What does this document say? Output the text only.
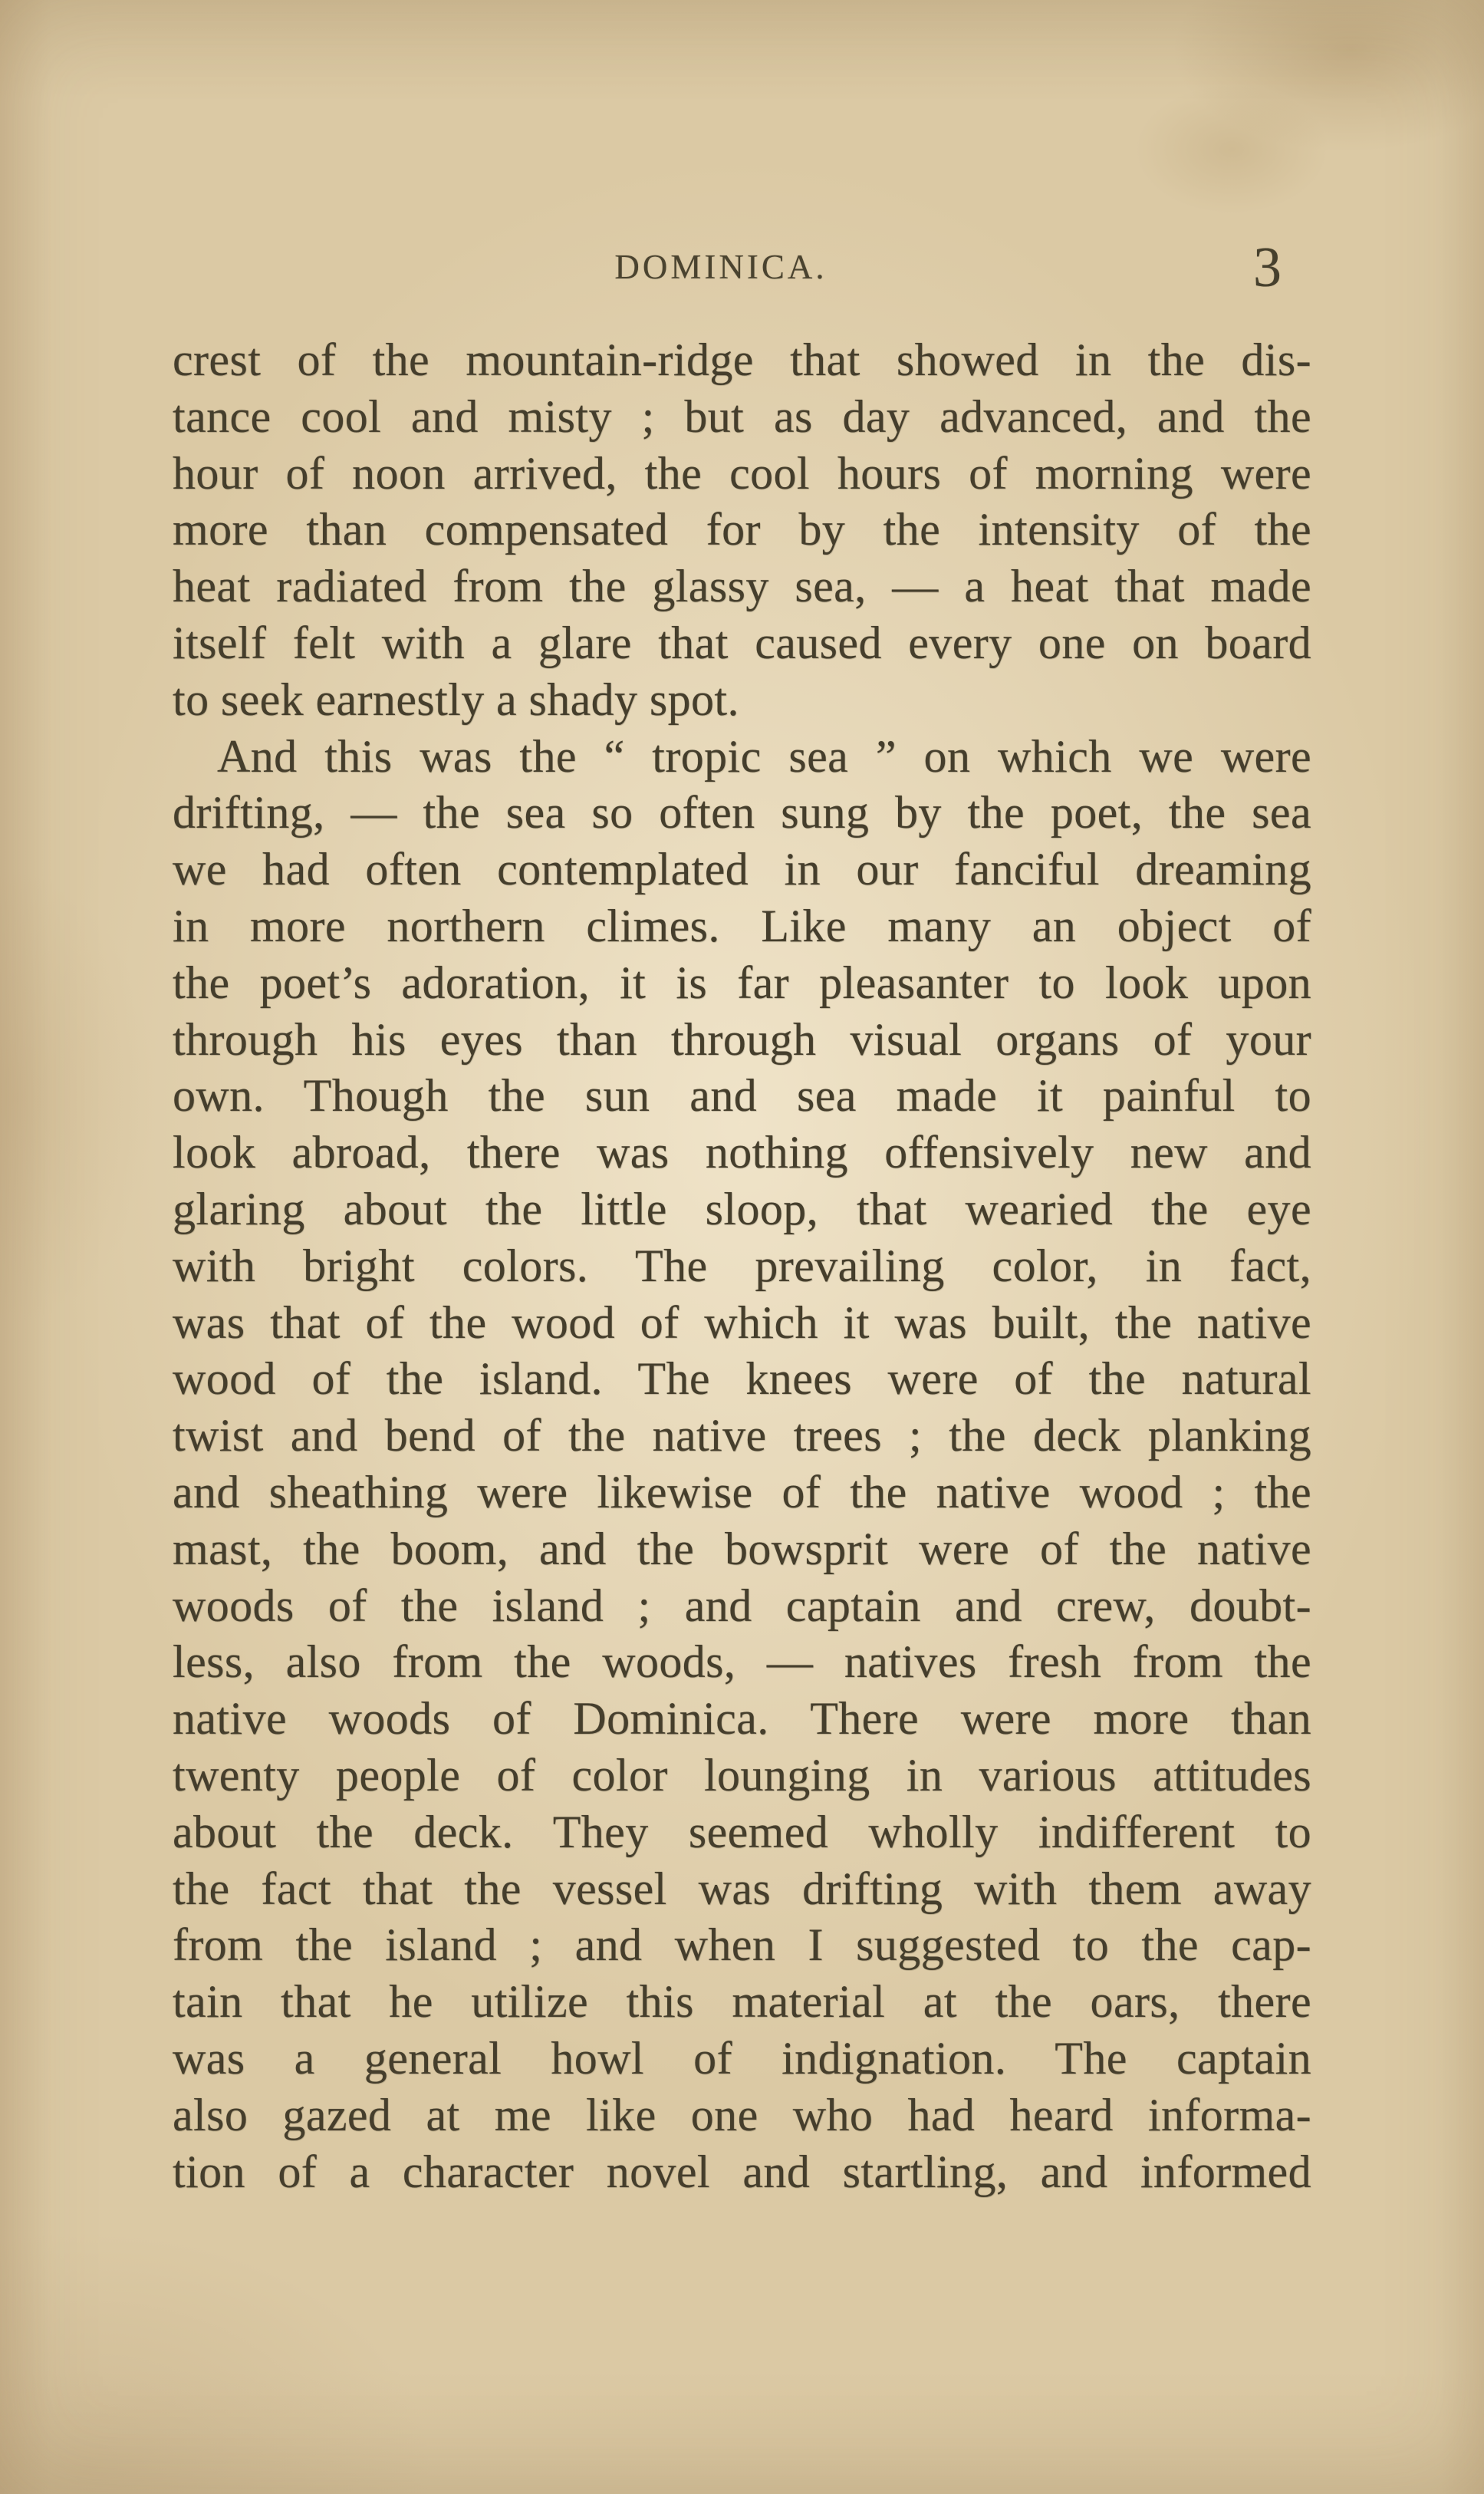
DOMINICA.	3

crest of the mountain-ridge that showed in the dis-
tance cool and misty ; but as day advanced, and the
hour of noon arrived, the cool hours of morning were
more than compensated for by the intensity of the
heat radiated from the glassy sea, — a heat that made
itself felt with a glare that caused every one on board
to seek earnestly a shady spot.

And this was the “ tropic sea ” on which we were
drifting, — the sea so often sung by the poet, the sea
we had often contemplated in our fanciful dreaming
in more northern climes. Like many an object of
the poet’s adoration, it is far pleasanter to look upon
through his eyes than through visual organs of your
own. Though the sun and sea made it painful to
look abroad, there was nothing offensively new and
glaring about the little sloop, that wearied the eye
with bright colors. The prevailing color, in fact,
was that of the wood of which it was built, the native
wood of the island. The knees were of the natural
twist and bend of the native trees ; the deck planking
and sheathing were likewise of the native wood ; the
mast, the boom, and the bowsprit were of the native
woods of the island ; and captain and crew, doubt-
less, also from the woods, — natives fresh from the
native woods of Dominica. There were more than
twenty people of color lounging in various attitudes
about the deck. They seemed wholly indifferent to
the fact that the vessel was drifting with them away
from the island ; and when I suggested to the cap-
tain that he utilize this material at the oars, there
was a general howl of indignation. The captain
also gazed at me like one who had heard informa-
tion of a character novel and startling, and informed
